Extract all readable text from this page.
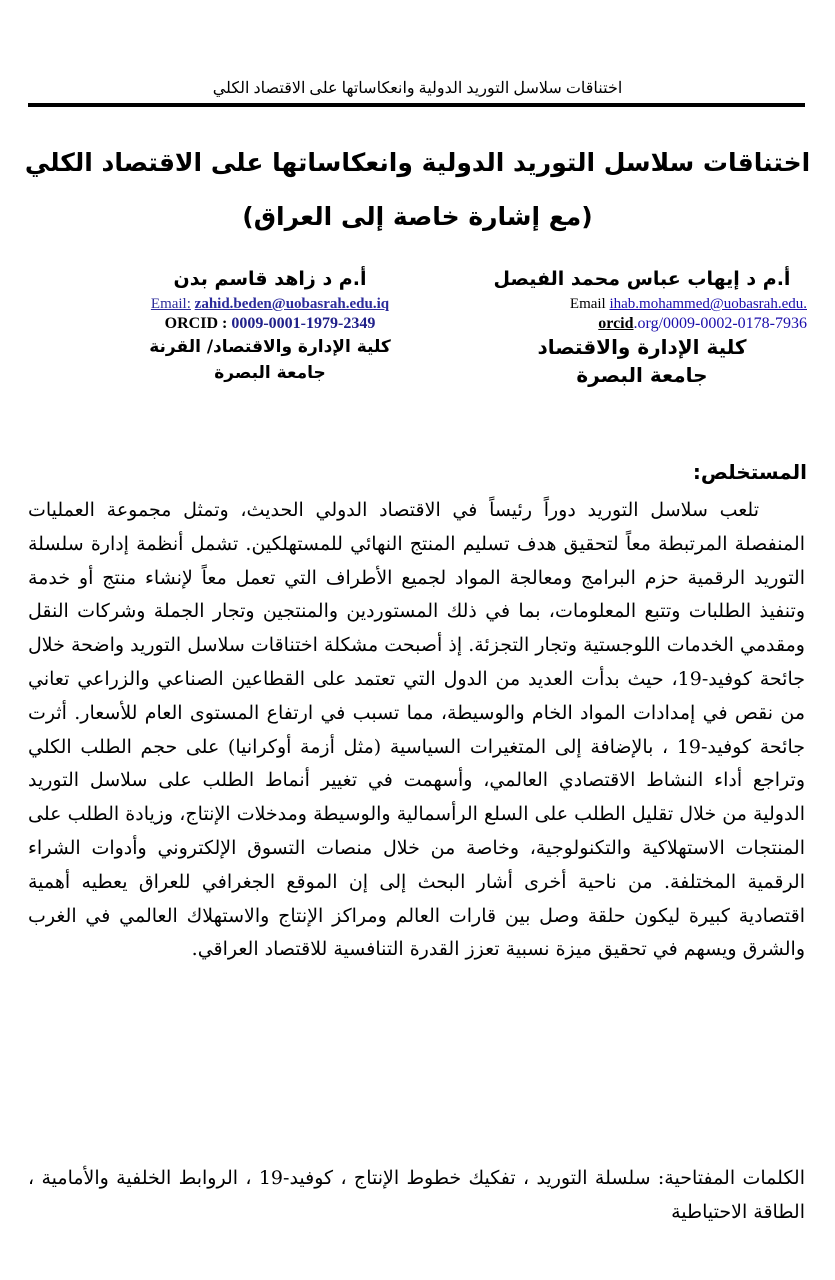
اختناقات سلاسل التوريد الدولية وانعكاساتها على الاقتصاد الكلي
اختناقات سلاسل التوريد الدولية وانعكاساتها على الاقتصاد الكلي
(مع إشارة خاصة إلى العراق)
أ.م د إيهاب عباس محمد الفيصل
Email ihab.mohammed@uobasrah.edu.
orcid.org/0009-0002-0178-7936
كلية الإدارة والاقتصاد
جامعة البصرة
أ.م د زاهد قاسم بدن
Email: zahid.beden@uobasrah.edu.iq
ORCID : 0009-0001-1979-2349
كلية الإدارة والاقتصاد/ القرنة
جامعة البصرة
المستخلص:

تلعب سلاسل التوريد دوراً رئيساً في الاقتصاد الدولي الحديث، وتمثل مجموعة العمليات المنفصلة المرتبطة معاً لتحقيق هدف تسليم المنتج النهائي للمستهلكين. تشمل أنظمة إدارة سلسلة التوريد الرقمية حزم البرامج ومعالجة المواد لجميع الأطراف التي تعمل معاً لإنشاء منتج أو خدمة وتنفيذ الطلبات وتتبع المعلومات، بما في ذلك المستوردين والمنتجين وتجار الجملة وشركات النقل ومقدمي الخدمات اللوجستية وتجار التجزئة. إذ أصبحت مشكلة اختناقات سلاسل التوريد واضحة خلال جائحة كوفيد-19، حيث بدأت العديد من الدول التي تعتمد على القطاعين الصناعي والزراعي تعاني من نقص في إمدادات المواد الخام والوسيطة، مما تسبب في ارتفاع المستوى العام للأسعار. أثرت جائحة كوفيد-19 ، بالإضافة إلى المتغيرات السياسية (مثل أزمة أوكرانيا) على حجم الطلب الكلي وتراجع أداء النشاط الاقتصادي العالمي، وأسهمت في تغيير أنماط الطلب على سلاسل التوريد الدولية من خلال تقليل الطلب على السلع الرأسمالية والوسيطة ومدخلات الإنتاج، وزيادة الطلب على المنتجات الاستهلاكية والتكنولوجية، وخاصة من خلال منصات التسوق الإلكتروني وأدوات الشراء الرقمية المختلفة. من ناحية أخرى أشار البحث إلى إن الموقع الجغرافي للعراق يعطيه أهمية اقتصادية كبيرة ليكون حلقة وصل بين قارات العالم ومراكز الإنتاج والاستهلاك العالمي في الغرب والشرق ويسهم في تحقيق ميزة نسبية تعزز القدرة التنافسية للاقتصاد العراقي.

الكلمات المفتاحية: سلسلة التوريد ، تفكيك خطوط الإنتاج ، كوفيد-19 ، الروابط الخلفية والأمامية ، الطاقة الاحتياطية
